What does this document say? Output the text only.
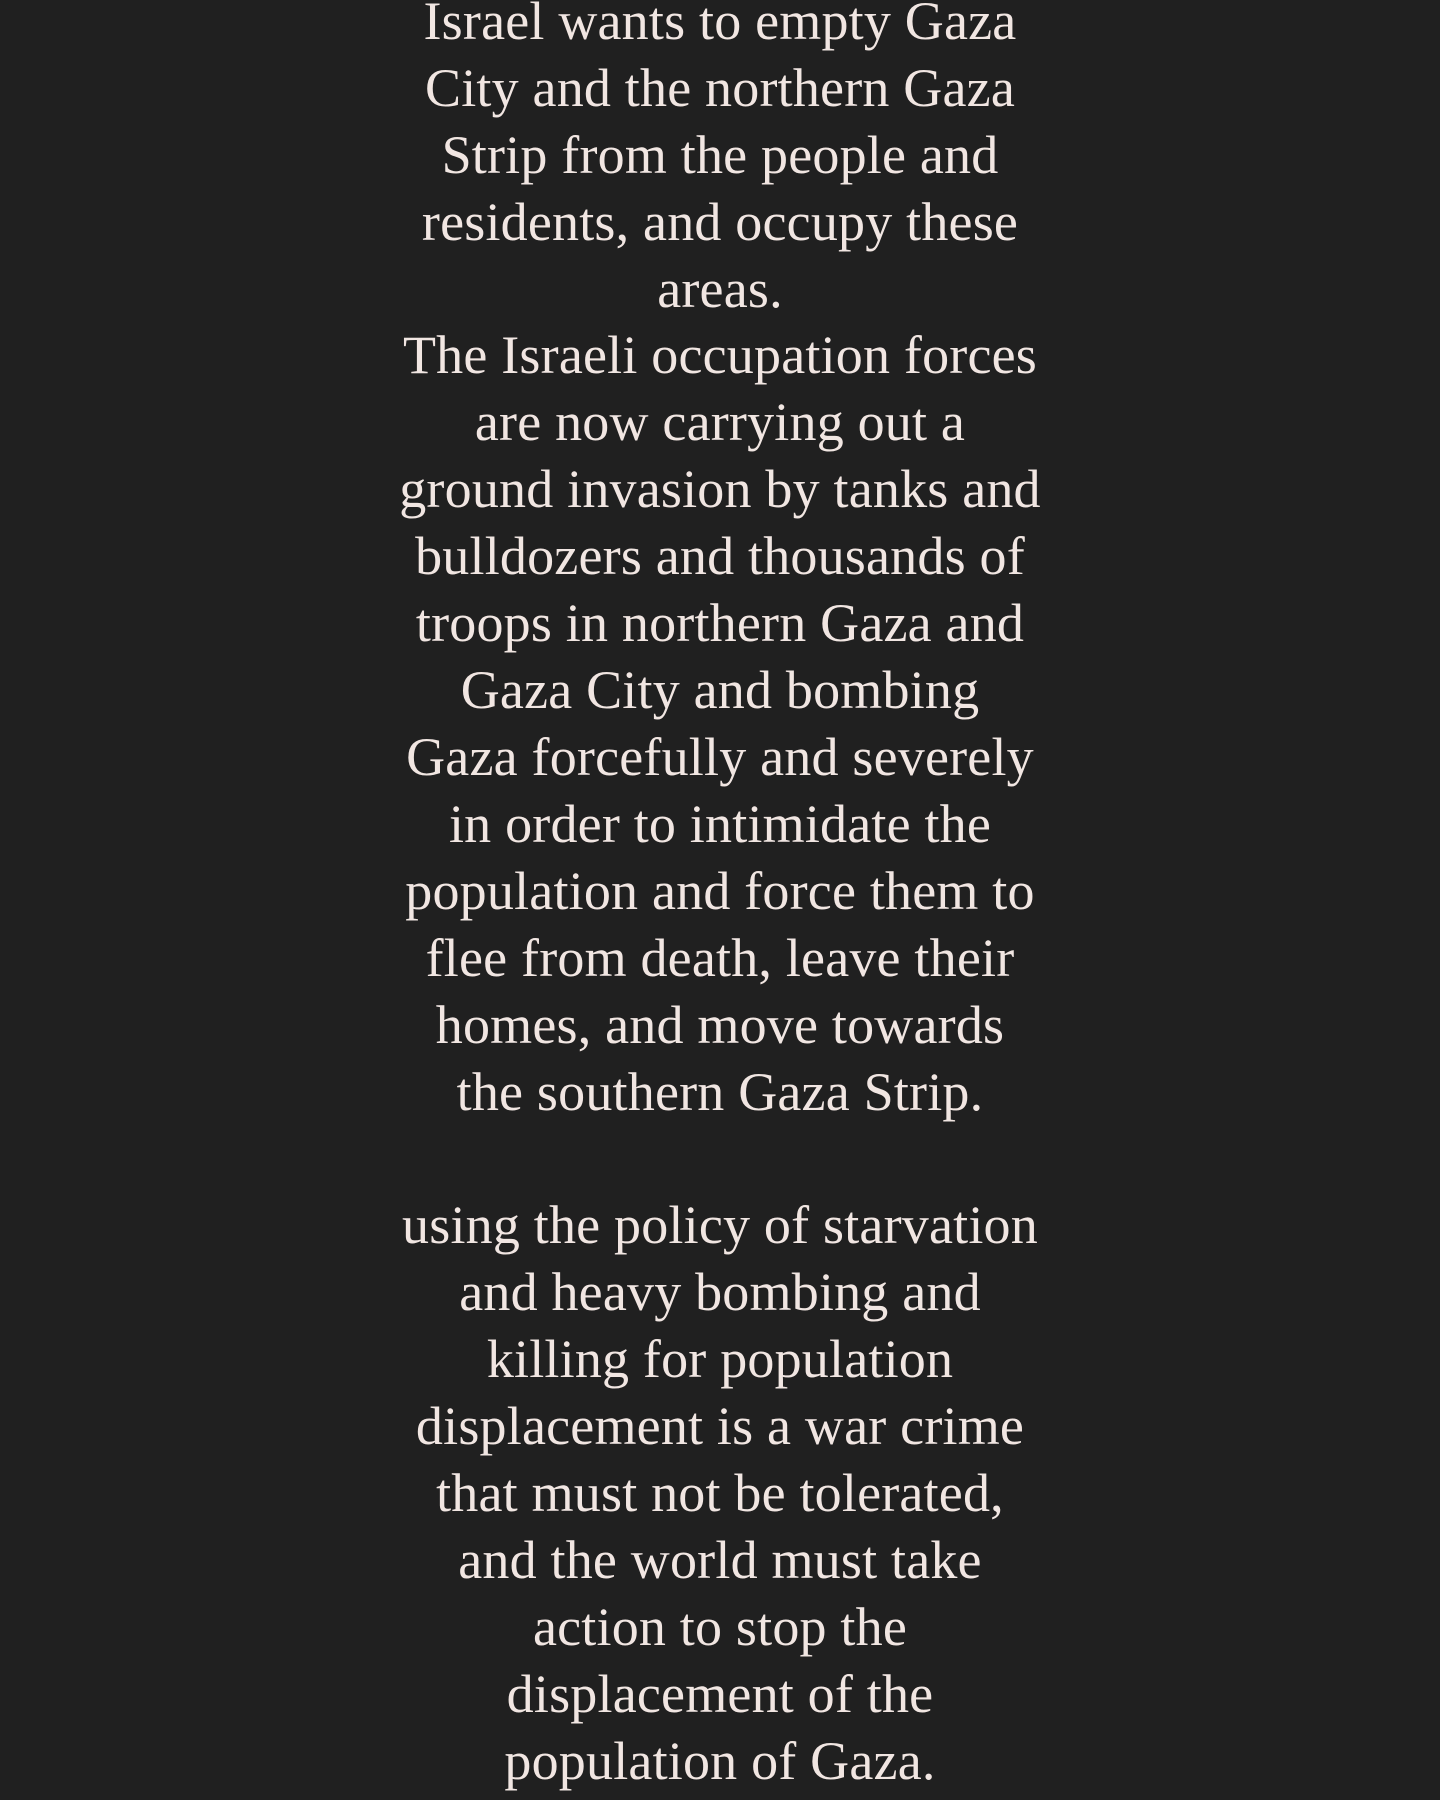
Israel wants to empty Gaza
City and the northern Gaza
Strip from the people and
residents, and occupy these
areas.
The Israeli occupation forces
are now carrying out a
ground invasion by tanks and
bulldozers and thousands of
troops in northern Gaza and
Gaza City and bombing
Gaza forcefully and severely
in order to intimidate the
population and force them to
flee from death, leave their
homes, and move towards
the southern Gaza Strip.
using the policy of starvation
and heavy bombing and
killing for population
displacement is a war crime
that must not be tolerated,
and the world must take
action to stop the
displacement of the
population of Gaza.
